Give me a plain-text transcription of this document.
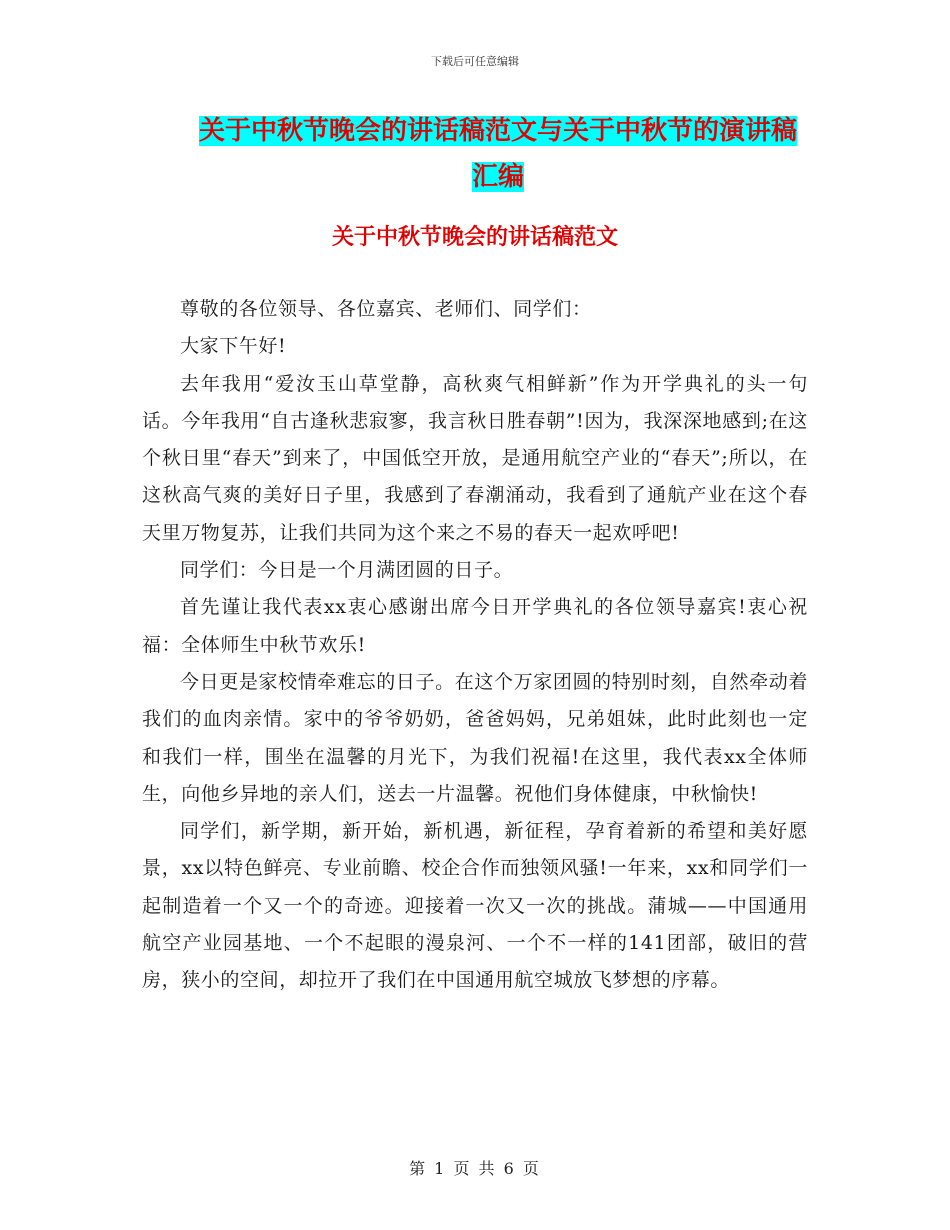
下载后可任意编辑
关于中秋节晚会的讲话稿范文与关于中秋节的演讲稿
汇编
关于中秋节晚会的讲话稿范文

尊敬的各位领导、各位嘉宾、老师们、同学们：

大家下午好!

去年我用“爱汝玉山草堂静，高秋爽气相鲜新”作为开学典礼的头一句话。今年我用“自古逢秋悲寂寥，我言秋日胜春朝”!因为，我深深地感到;在这个秋日里“春天”到来了，中国低空开放，是通用航空产业的“春天”;所以，在这秋高气爽的美好日子里，我感到了春潮涌动，我看到了通航产业在这个春天里万物复苏，让我们共同为这个来之不易的春天一起欢呼吧!

同学们：今日是一个月满团圆的日子。

首先谨让我代表xx衷心感谢出席今日开学典礼的各位领导嘉宾!衷心祝福：全体师生中秋节欢乐!

今日更是家校情牵难忘的日子。在这个万家团圆的特别时刻，自然牵动着我们的血肉亲情。家中的爷爷奶奶，爸爸妈妈，兄弟姐妹，此时此刻也一定和我们一样，围坐在温馨的月光下，为我们祝福!在这里，我代表xx全体师生，向他乡异地的亲人们，送去一片温馨。祝他们身体健康，中秋愉快!

同学们，新学期，新开始，新机遇，新征程，孕育着新的希望和美好愿景，xx以特色鲜亮、专业前瞻、校企合作而独领风骚!一年来，xx和同学们一起制造着一个又一个的奇迹。迎接着一次又一次的挑战。蒲城——中国通用航空产业园基地、一个不起眼的漫泉河、一个不一样的141团部，破旧的营房，狭小的空间，却拉开了我们在中国通用航空城放飞梦想的序幕。

第 1 页 共 6 页
